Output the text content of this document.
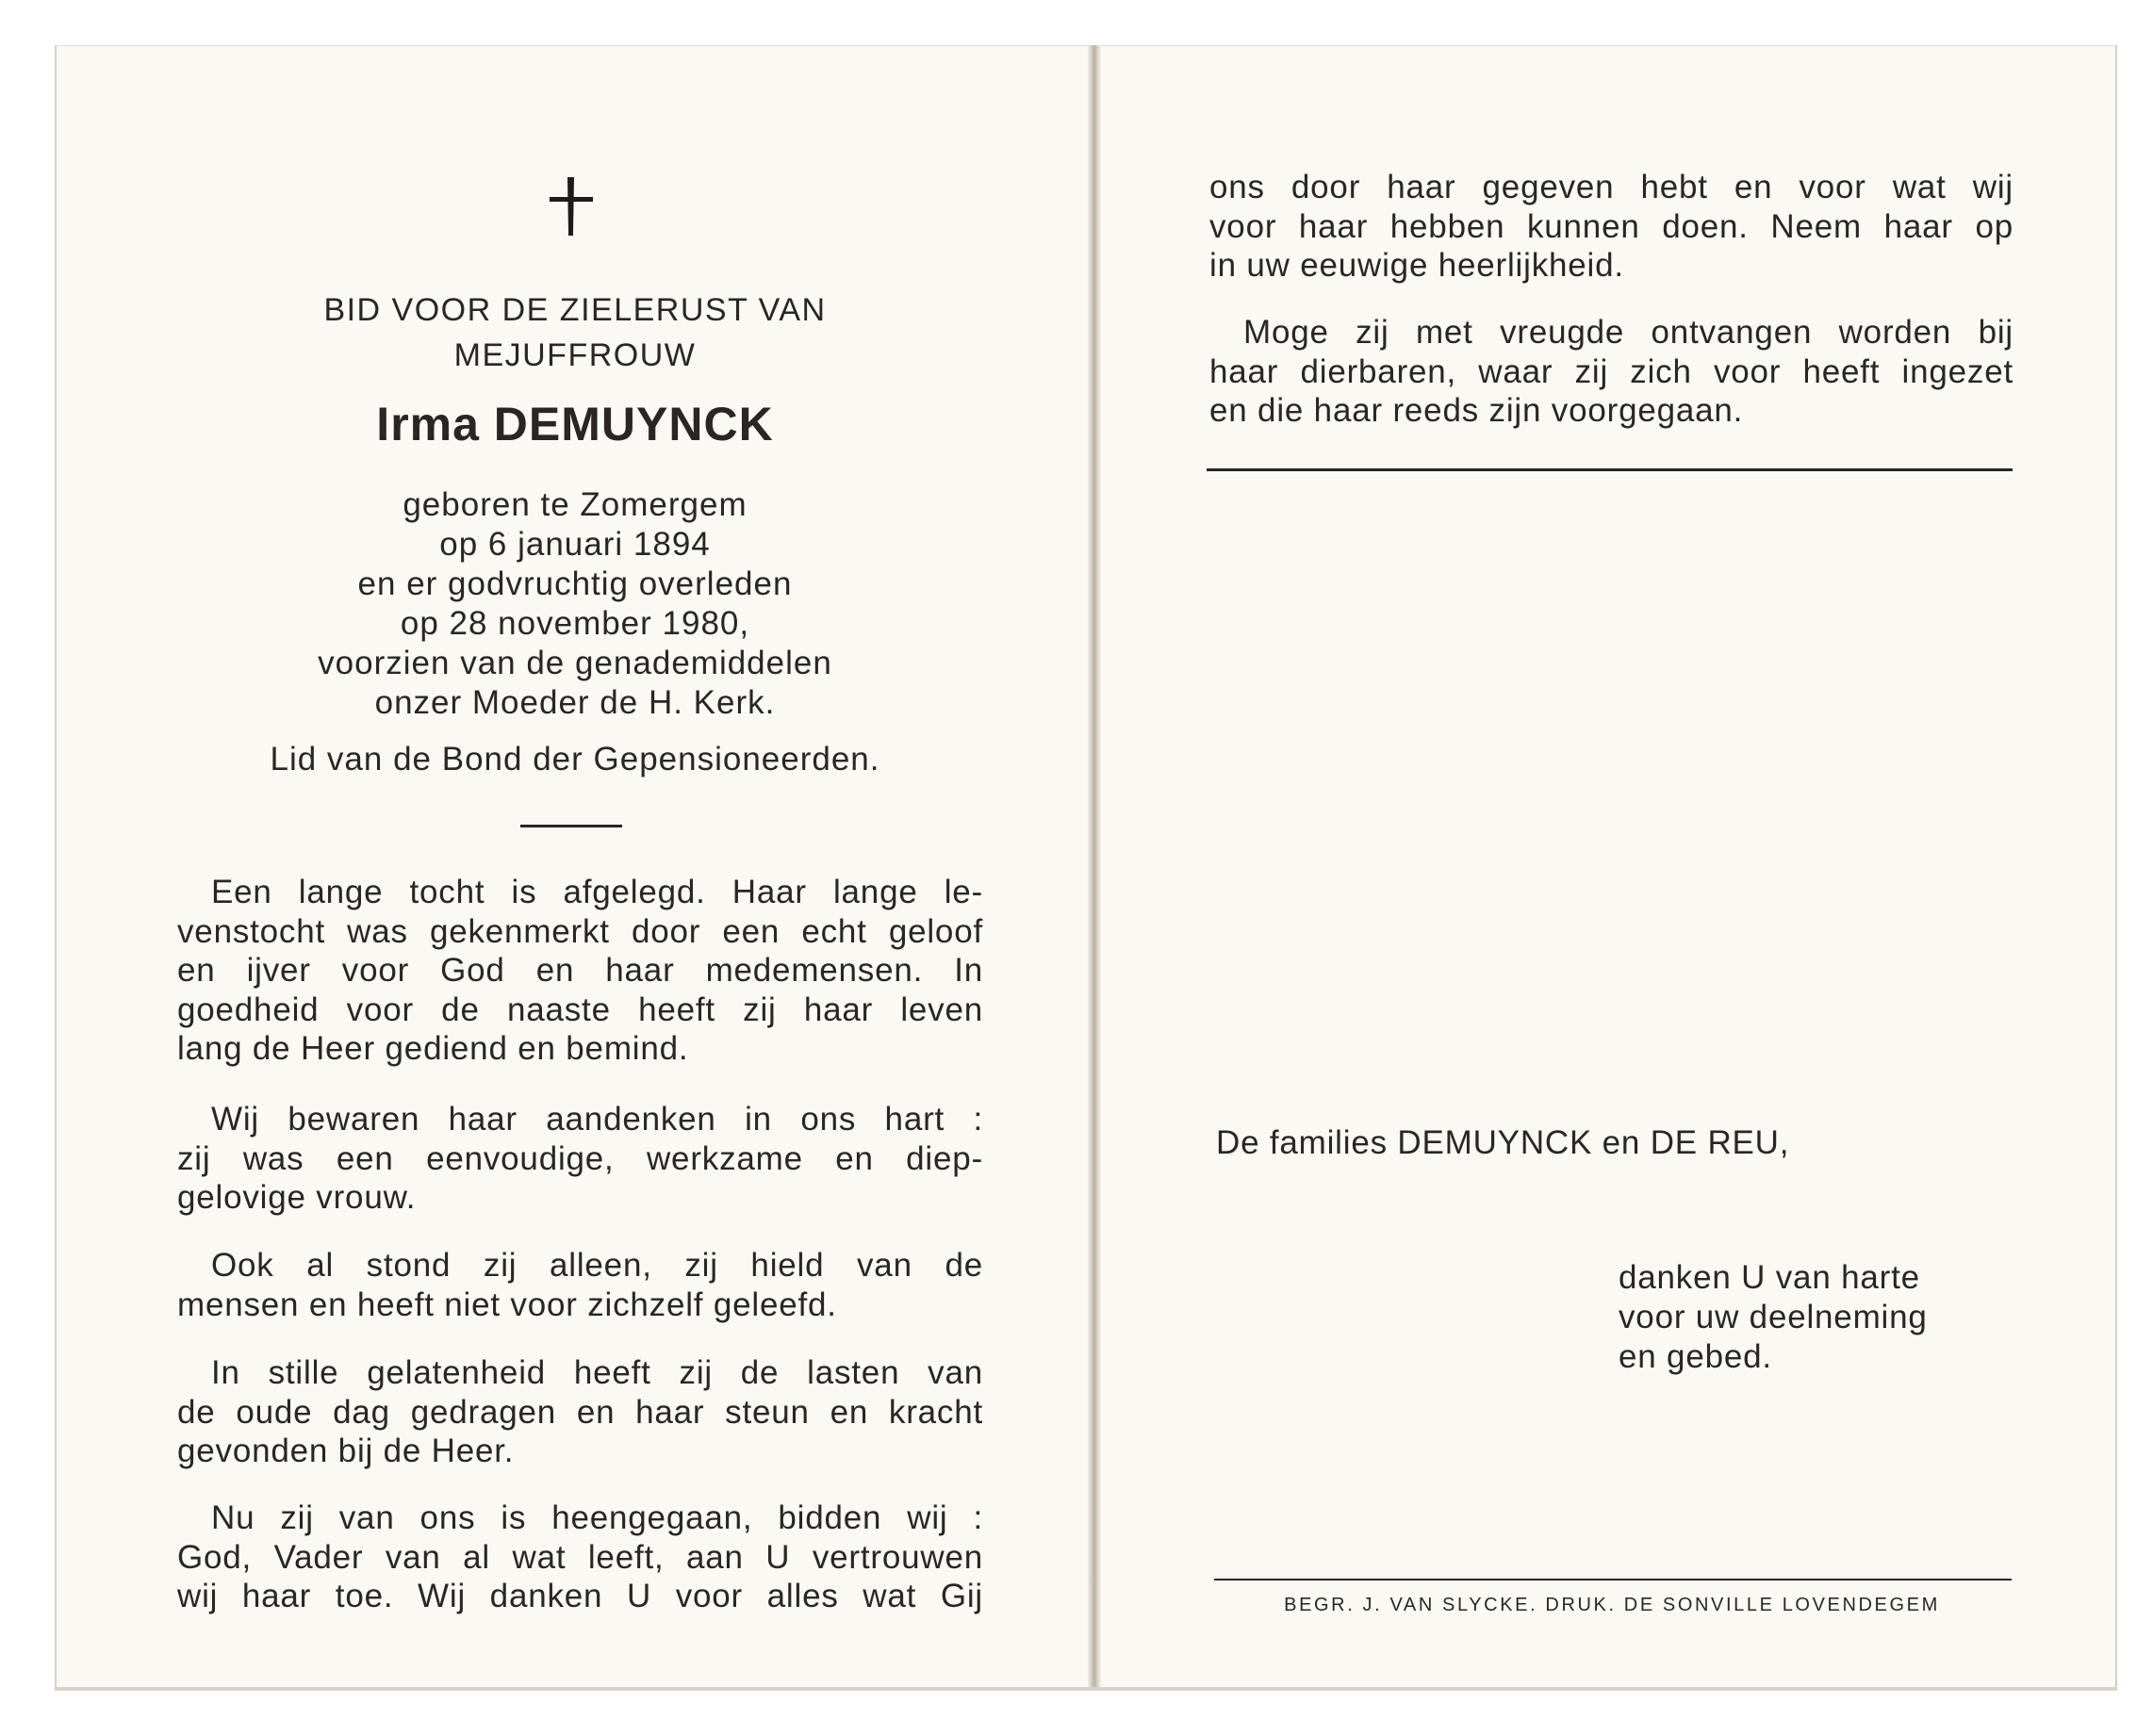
BID VOOR DE ZIELERUST VAN
MEJUFFROUW
Irma DEMUYNCK
geboren te Zomergem
op 6 januari 1894
en er godvruchtig overleden
op 28 november 1980,
voorzien van de genademiddelen
onzer Moeder de H. Kerk.
Lid van de Bond der Gepensioneerden.
Een lange tocht is afgelegd. Haar lange le-
venstocht was gekenmerkt door een echt geloof
en ijver voor God en haar medemensen. In
goedheid voor de naaste heeft zij haar leven
lang de Heer gediend en bemind.
Wij bewaren haar aandenken in ons hart :
zij was een eenvoudige, werkzame en diep-
gelovige vrouw.
Ook al stond zij alleen, zij hield van de
mensen en heeft niet voor zichzelf geleefd.
In stille gelatenheid heeft zij de lasten van
de oude dag gedragen en haar steun en kracht
gevonden bij de Heer.
Nu zij van ons is heengegaan, bidden wij :
God, Vader van al wat leeft, aan U vertrouwen
wij haar toe. Wij danken U voor alles wat Gij
ons door haar gegeven hebt en voor wat wij
voor haar hebben kunnen doen. Neem haar op
in uw eeuwige heerlijkheid.
Moge zij met vreugde ontvangen worden bij
haar dierbaren, waar zij zich voor heeft ingezet
en die haar reeds zijn voorgegaan.
De families DEMUYNCK en DE REU,
danken U van harte
voor uw deelneming
en gebed.
BEGR. J. VAN SLYCKE. DRUK. DE SONVILLE LOVENDEGEM
